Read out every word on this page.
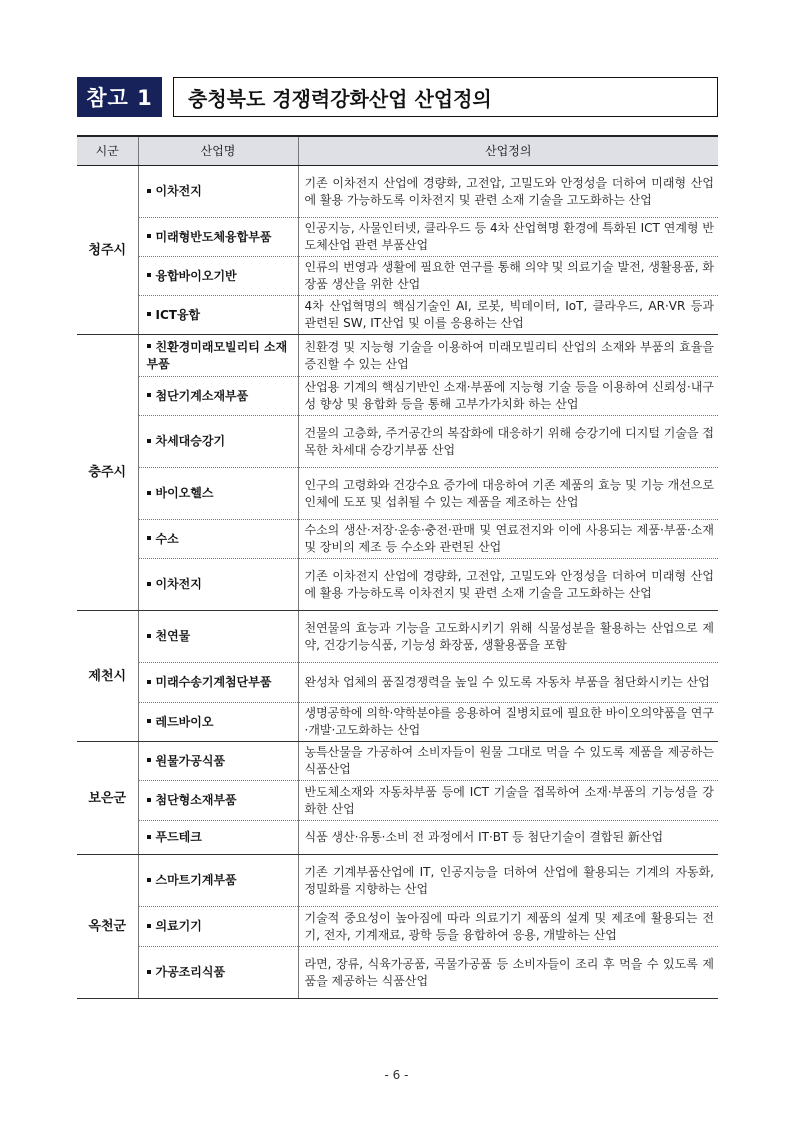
참고 1	충청북도 경쟁력강화산업 산업정의
시군	산업명	산업정의
청주시	이차전지	기존 이차전지 산업에 경량화, 고전압, 고밀도와 안정성을 더하여 미래형 산업에 활용 가능하도록 이차전지 및 관련 소재 기술을 고도화하는 산업
	미래형반도체융합부품	인공지능, 사물인터넷, 클라우드 등 4차 산업혁명 환경에 특화된 ICT 연계형 반도체산업 관련 부품산업
	융합바이오기반	인류의 번영과 생활에 필요한 연구를 통해 의약 및 의료기술 발전, 생활용품, 화장품 생산을 위한 산업
	ICT융합	4차 산업혁명의 핵심기술인 AI, 로봇, 빅데이터, IoT, 클라우드, AR·VR 등과 관련된 SW, IT산업 및 이를 응용하는 산업
충주시	친환경미래모빌리티 소재부품	친환경 및 지능형 기술을 이용하여 미래모빌리티 산업의 소재와 부품의 효율을 증진할 수 있는 산업
	첨단기계소재부품	산업용 기계의 핵심기반인 소재·부품에 지능형 기술 등을 이용하여 신뢰성·내구성 향상 및 융합화 등을 통해 고부가가치화 하는 산업
	차세대승강기	건물의 고층화, 주거공간의 복잡화에 대응하기 위해 승강기에 디지털 기술을 접목한 차세대 승강기부품 산업
	바이오헬스	인구의 고령화와 건강수요 증가에 대응하여 기존 제품의 효능 및 기능 개선으로 인체에 도포 및 섭취될 수 있는 제품을 제조하는 산업
	수소	수소의 생산·저장·운송·충전·판매 및 연료전지와 이에 사용되는 제품·부품·소재 및 장비의 제조 등 수소와 관련된 산업
	이차전지	기존 이차전지 산업에 경량화, 고전압, 고밀도와 안정성을 더하여 미래형 산업에 활용 가능하도록 이차전지 및 관련 소재 기술을 고도화하는 산업
제천시	천연물	천연물의 효능과 기능을 고도화시키기 위해 식물성분을 활용하는 산업으로 제약, 건강기능식품, 기능성 화장품, 생활용품을 포함
	미래수송기계첨단부품	완성차 업체의 품질경쟁력을 높일 수 있도록 자동차 부품을 첨단화시키는 산업
	레드바이오	생명공학에 의학·약학분야를 응용하여 질병치료에 필요한 바이오의약품을 연구·개발·고도화하는 산업
보은군	원물가공식품	농특산물을 가공하여 소비자들이 원물 그대로 먹을 수 있도록 제품을 제공하는 식품산업
	첨단형소재부품	반도체소재와 자동차부품 등에 ICT 기술을 접목하여 소재·부품의 기능성을 강화한 산업
	푸드테크	식품 생산·유통·소비 전 과정에서 IT·BT 등 첨단기술이 결합된 新산업
옥천군	스마트기계부품	기존 기계부품산업에 IT, 인공지능을 더하여 산업에 활용되는 기계의 자동화, 정밀화를 지향하는 산업
	의료기기	기술적 중요성이 높아짐에 따라 의료기기 제품의 설계 및 제조에 활용되는 전기, 전자, 기계재료, 광학 등을 융합하여 응용, 개발하는 산업
	가공조리식품	라면, 장류, 식육가공품, 곡물가공품 등 소비자들이 조리 후 먹을 수 있도록 제품을 제공하는 식품산업
- 6 -
